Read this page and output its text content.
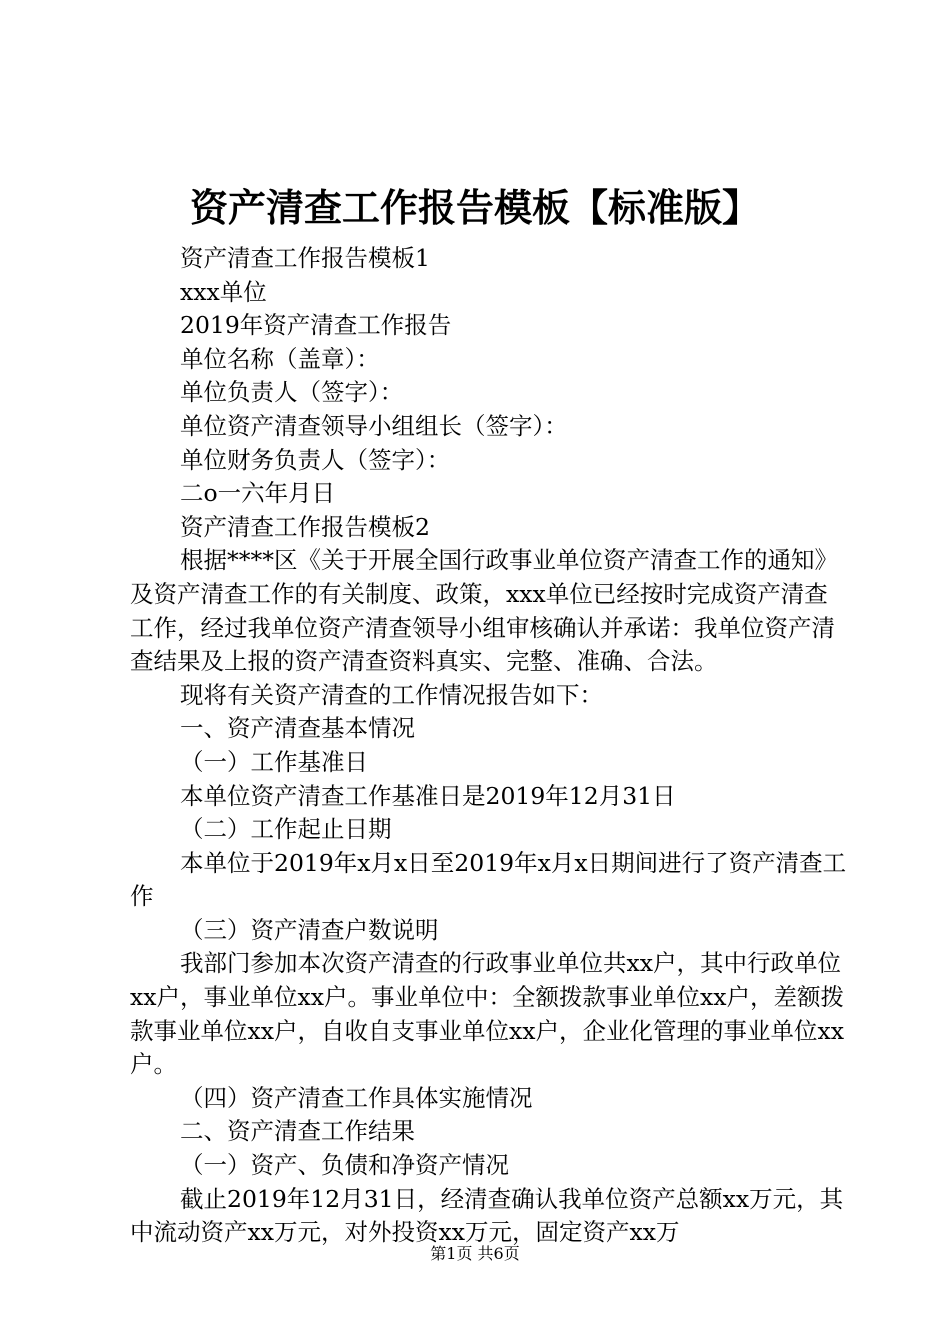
资产清查工作报告模板【标准版】

资产清查工作报告模板1

xxx单位

2019年资产清查工作报告

单位名称（盖章）：

单位负责人（签字）：

单位资产清查领导小组组长（签字）：

单位财务负责人（签字）：

二o一六年月日

资产清查工作报告模板2

根据****区《关于开展全国行政事业单位资产清查工作的通知》及资产清查工作的有关制度、政策，xxx单位已经按时完成资产清查工作，经过我单位资产清查领导小组审核确认并承诺：我单位资产清查结果及上报的资产清查资料真实、完整、准确、合法。

现将有关资产清查的工作情况报告如下：

一、资产清查基本情况

（一）工作基准日

本单位资产清查工作基准日是2019年12月31日

（二）工作起止日期

本单位于2019年x月x日至2019年x月x日期间进行了资产清查工作

（三）资产清查户数说明

我部门参加本次资产清查的行政事业单位共xx户，其中行政单位xx户，事业单位xx户。事业单位中：全额拨款事业单位xx户，差额拨款事业单位xx户，自收自支事业单位xx户，企业化管理的事业单位xx户。

（四）资产清查工作具体实施情况

二、资产清查工作结果

（一）资产、负债和净资产情况

截止2019年12月31日，经清查确认我单位资产总额xx万元，其中流动资产xx万元，对外投资xx万元，固定资产xx万

第1页 共6页
